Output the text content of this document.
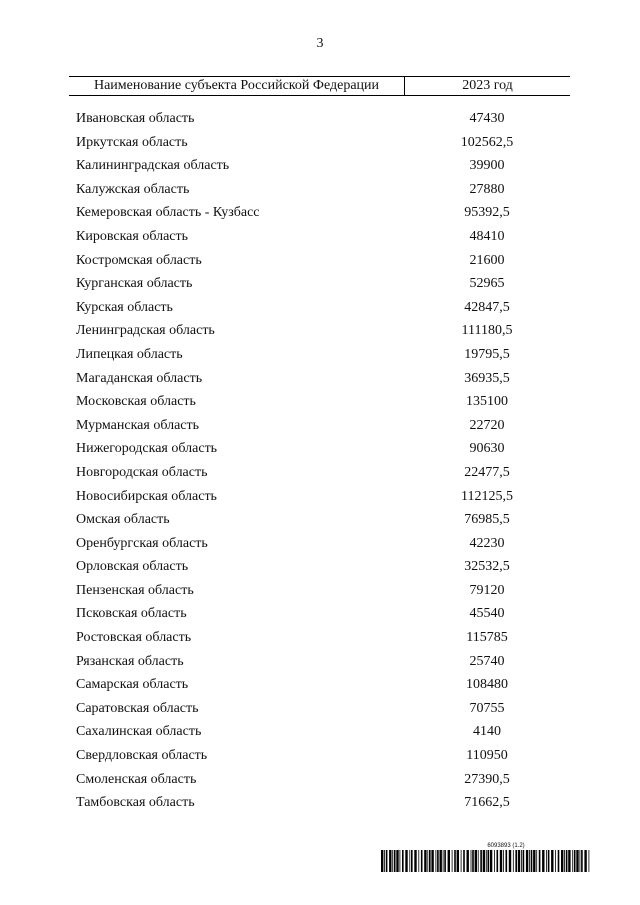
3
Наименование субъекта Российской Федерации	2023 год
Ивановская область	47430
Иркутская область	102562,5
Калининградская область	39900
Калужская область	27880
Кемеровская область - Кузбасс	95392,5
Кировская область	48410
Костромская область	21600
Курганская область	52965
Курская область	42847,5
Ленинградская область	111180,5
Липецкая область	19795,5
Магаданская область	36935,5
Московская область	135100
Мурманская область	22720
Нижегородская область	90630
Новгородская область	22477,5
Новосибирская область	112125,5
Омская область	76985,5
Оренбургская область	42230
Орловская область	32532,5
Пензенская область	79120
Псковская область	45540
Ростовская область	115785
Рязанская область	25740
Самарская область	108480
Саратовская область	70755
Сахалинская область	4140
Свердловская область	110950
Смоленская область	27390,5
Тамбовская область	71662,5
6093893 (1.2)
